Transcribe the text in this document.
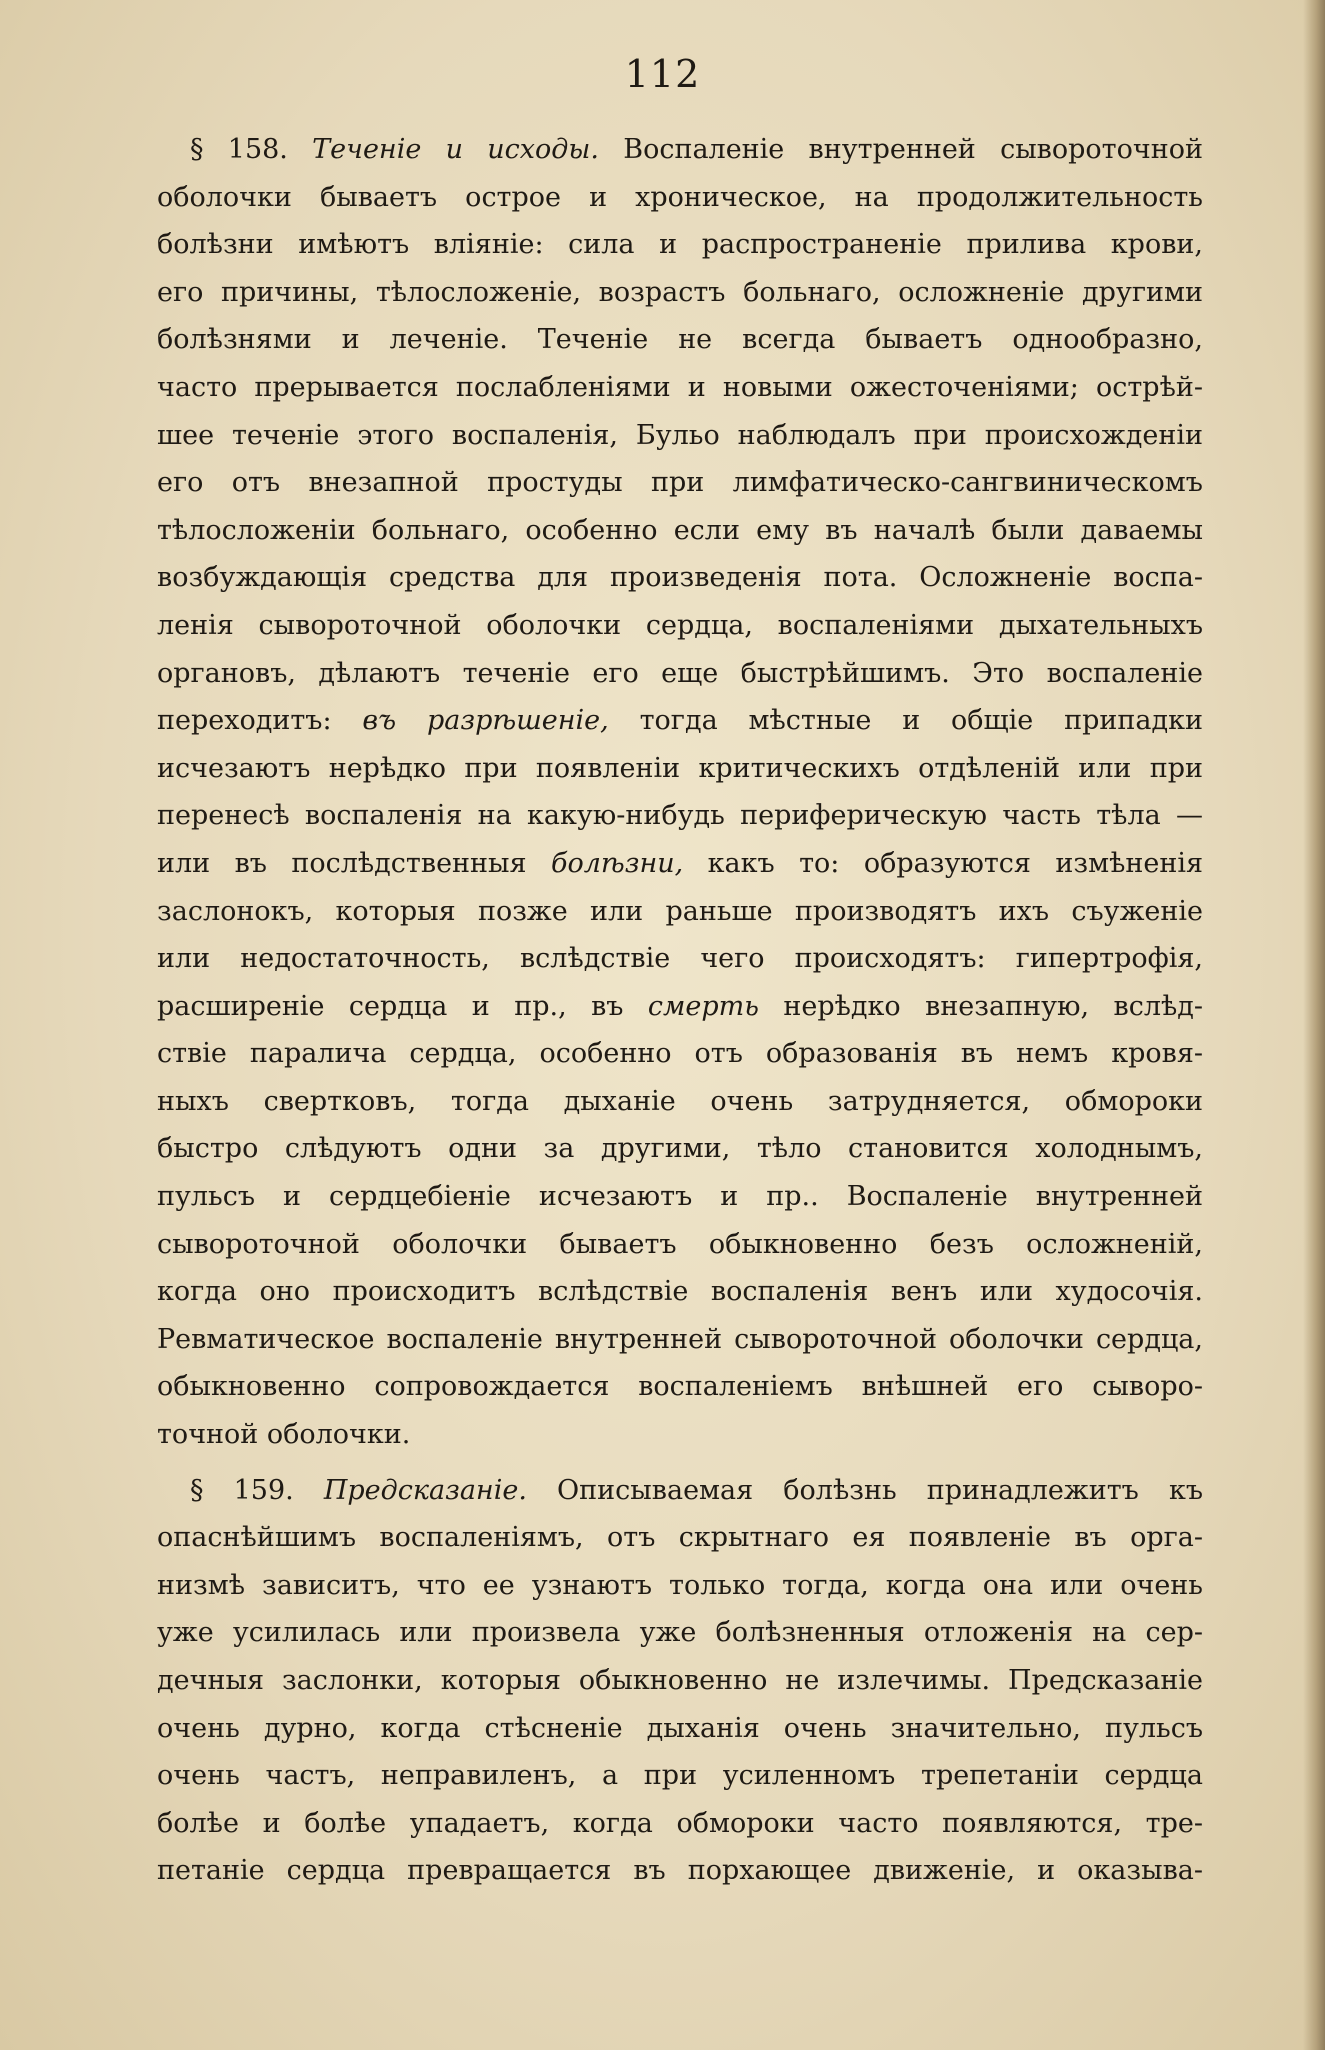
112
§ 158. Теченіе и исходы. Воспаленіе внутренней сывороточной
оболочки бываетъ острое и хроническое, на продолжительность
болѣзни имѣютъ вліяніе: сила и распространеніе прилива крови,
его причины, тѣлосложеніе, возрастъ больнаго, осложненіе другими
болѣзнями и леченіе. Теченіе не всегда бываетъ однообразно,
часто прерывается послабленіями и новыми ожесточеніями; острѣй-
шее теченіе этого воспаленія, Бульо наблюдалъ при происхожденіи
его отъ внезапной простуды при лимфатическо-сангвиническомъ
тѣлосложеніи больнаго, особенно если ему въ началѣ были даваемы
возбуждающія средства для произведенія пота. Осложненіе воспа-
ленія сывороточной оболочки сердца, воспаленіями дыхательныхъ
органовъ, дѣлаютъ теченіе его еще быстрѣйшимъ. Это воспаленіе
переходитъ: въ разрѣшеніе, тогда мѣстные и общіе припадки
исчезаютъ нерѣдко при появленіи критическихъ отдѣленій или при
перенесѣ воспаленія на какую-нибудь периферическую часть тѣла —
или въ послѣдственныя болѣзни, какъ то: образуются измѣненія
заслонокъ, которыя позже или раньше производятъ ихъ съуженіе
или недостаточность, вслѣдствіе чего происходятъ: гипертрофія,
расширеніе сердца и пр., въ смерть нерѣдко внезапную, вслѣд-
ствіе паралича сердца, особенно отъ образованія въ немъ кровя-
ныхъ свертковъ, тогда дыханіе очень затрудняется, обмороки
быстро слѣдуютъ одни за другими, тѣло становится холоднымъ,
пульсъ и сердцебіеніе исчезаютъ и пр.. Воспаленіе внутренней
сывороточной оболочки бываетъ обыкновенно безъ осложненій,
когда оно происходитъ вслѣдствіе воспаленія венъ или худосочія.
Ревматическое воспаленіе внутренней сывороточной оболочки сердца,
обыкновенно сопровождается воспаленіемъ внѣшней его сыворо-
точной оболочки.
§ 159. Предсказаніе. Описываемая болѣзнь принадлежитъ къ
опаснѣйшимъ воспаленіямъ, отъ скрытнаго ея появленіе въ орга-
низмѣ зависитъ, что ее узнаютъ только тогда, когда она или очень
уже усилилась или произвела уже болѣзненныя отложенія на сер-
дечныя заслонки, которыя обыкновенно не излечимы. Предсказаніе
очень дурно, когда стѣсненіе дыханія очень значительно, пульсъ
очень частъ, неправиленъ, а при усиленномъ трепетаніи сердца
болѣе и болѣе упадаетъ, когда обмороки часто появляются, тре-
петаніе сердца превращается въ порхающее движеніе, и оказыва-
